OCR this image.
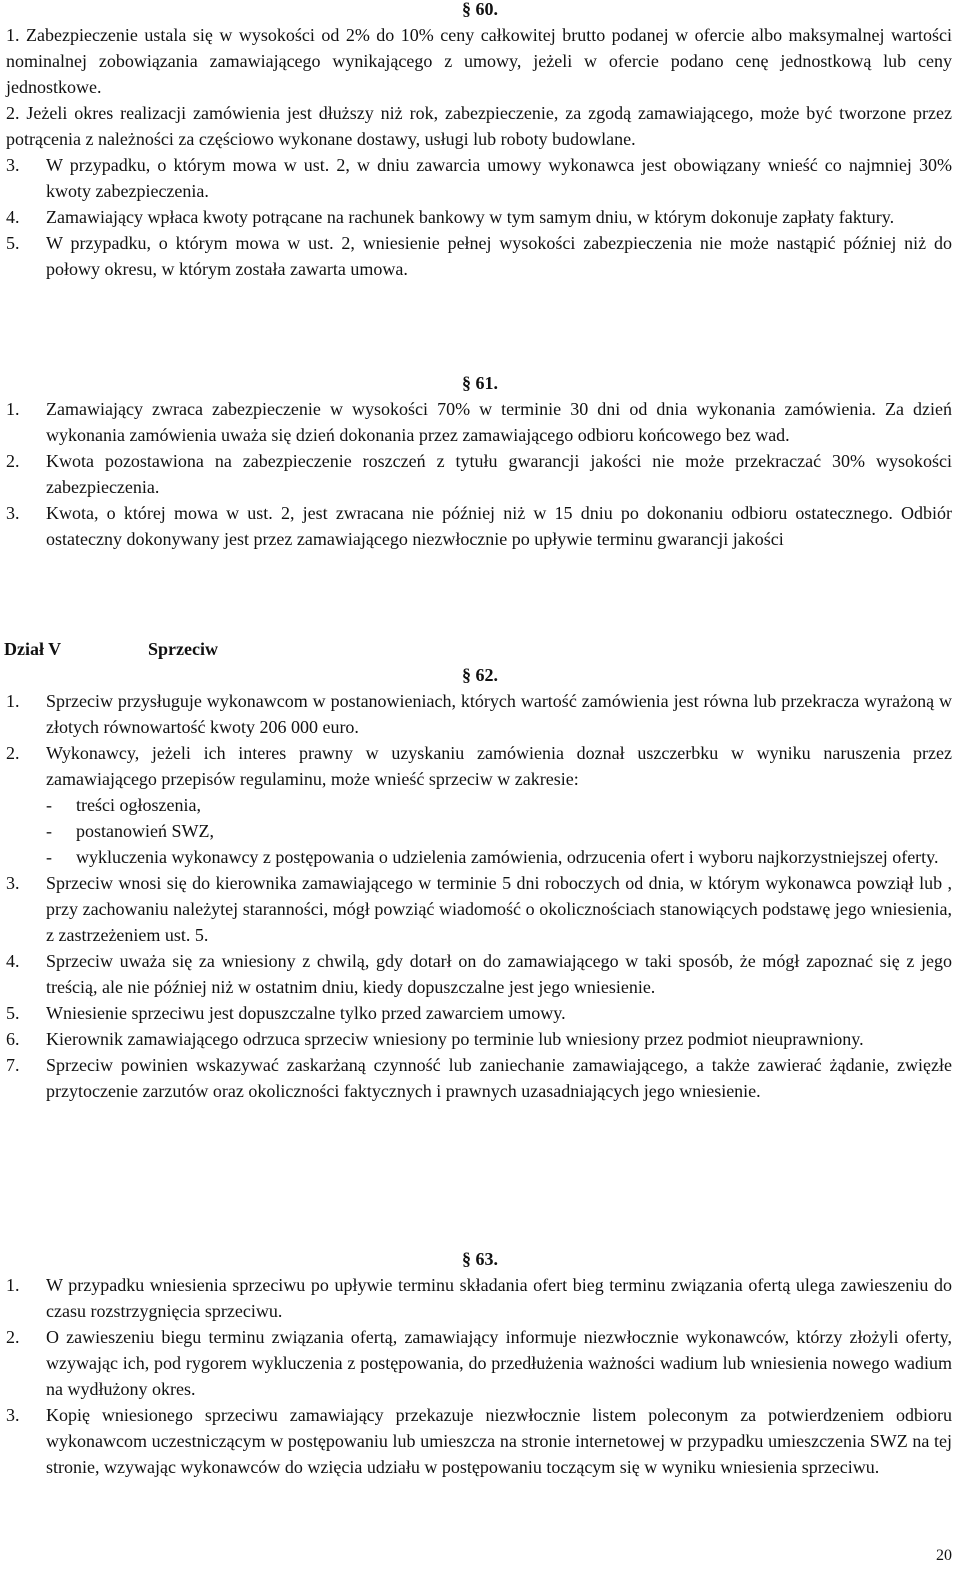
§ 60.

1. Zabezpieczenie ustala się w wysokości od 2% do 10% ceny całkowitej brutto podanej w ofercie albo maksymalnej wartości nominalnej zobowiązania zamawiającego wynikającego z umowy, jeżeli w ofercie podano cenę jednostkową lub ceny jednostkowe.

2. Jeżeli okres realizacji zamówienia jest dłuższy niż rok, zabezpieczenie, za zgodą zamawiającego, może być tworzone przez potrącenia z należności za częściowo wykonane dostawy, usługi lub roboty budowlane.

3.	W przypadku, o którym mowa w ust. 2, w dniu zawarcia umowy wykonawca jest obowiązany wnieść co najmniej 30% kwoty zabezpieczenia.
4.	Zamawiający wpłaca kwoty potrącane na rachunek bankowy w tym samym dniu, w którym dokonuje zapłaty faktury.
5.	W przypadku, o którym mowa w ust. 2, wniesienie pełnej wysokości zabezpieczenia nie może nastąpić później niż do połowy okresu, w którym została zawarta umowa.

§ 61.

1.	Zamawiający zwraca zabezpieczenie w wysokości 70% w terminie 30 dni od dnia wykonania zamówienia. Za dzień wykonania zamówienia uważa się dzień dokonania przez zamawiającego odbioru końcowego bez wad.
2.	Kwota pozostawiona na zabezpieczenie roszczeń z tytułu gwarancji jakości nie może przekraczać 30% wysokości zabezpieczenia.
3.	Kwota, o której mowa w ust. 2, jest zwracana nie później niż w 15 dniu po dokonaniu odbioru ostatecznego. Odbiór ostateczny dokonywany jest przez zamawiającego niezwłocznie po upływie terminu gwarancji jakości
Dział V	Sprzeciw

§ 62.

1.	Sprzeciw przysługuje wykonawcom w postanowieniach, których wartość zamówienia jest równa lub przekracza wyrażoną w złotych równowartość kwoty 206 000 euro.
2.	Wykonawcy, jeżeli ich interes prawny w uzyskaniu zamówienia doznał uszczerbku w wyniku naruszenia przez zamawiającego przepisów regulaminu, może wnieść sprzeciw w zakresie:
-	treści ogłoszenia,
-	postanowień SWZ,
-	wykluczenia wykonawcy z postępowania o udzielenia zamówienia, odrzucenia ofert i wyboru najkorzystniejszej oferty.
3.	Sprzeciw wnosi się do kierownika zamawiającego w terminie 5 dni roboczych od dnia, w którym wykonawca powziął lub , przy zachowaniu należytej staranności, mógł powziąć wiadomość o okolicznościach stanowiących podstawę jego wniesienia, z zastrzeżeniem ust. 5.
4.	Sprzeciw uważa się za wniesiony z chwilą, gdy dotarł on do zamawiającego w taki sposób, że mógł zapoznać się z jego treścią, ale nie później niż w ostatnim dniu, kiedy dopuszczalne jest jego wniesienie.
5.	Wniesienie sprzeciwu jest dopuszczalne tylko przed zawarciem umowy.
6.	Kierownik zamawiającego odrzuca sprzeciw wniesiony po terminie lub wniesiony przez podmiot nieuprawniony.
7.	Sprzeciw powinien wskazywać zaskarżaną czynność lub zaniechanie zamawiającego, a także zawierać żądanie, zwięzłe przytoczenie zarzutów oraz okoliczności faktycznych i prawnych uzasadniających jego wniesienie.

§ 63.

1.	W przypadku wniesienia sprzeciwu po upływie terminu składania ofert bieg terminu związania ofertą ulega zawieszeniu do czasu rozstrzygnięcia sprzeciwu.
2.	O zawieszeniu biegu terminu związania ofertą, zamawiający informuje niezwłocznie wykonawców, którzy złożyli oferty, wzywając ich, pod rygorem wykluczenia z postępowania, do przedłużenia ważności wadium lub wniesienia nowego wadium na wydłużony okres.
3.	Kopię wniesionego sprzeciwu zamawiający przekazuje niezwłocznie listem poleconym za potwierdzeniem odbioru wykonawcom uczestniczącym w postępowaniu lub umieszcza na stronie internetowej w przypadku umieszczenia SWZ na tej stronie, wzywając wykonawców do wzięcia udziału w postępowaniu toczącym się w wyniku wniesienia sprzeciwu.
20
